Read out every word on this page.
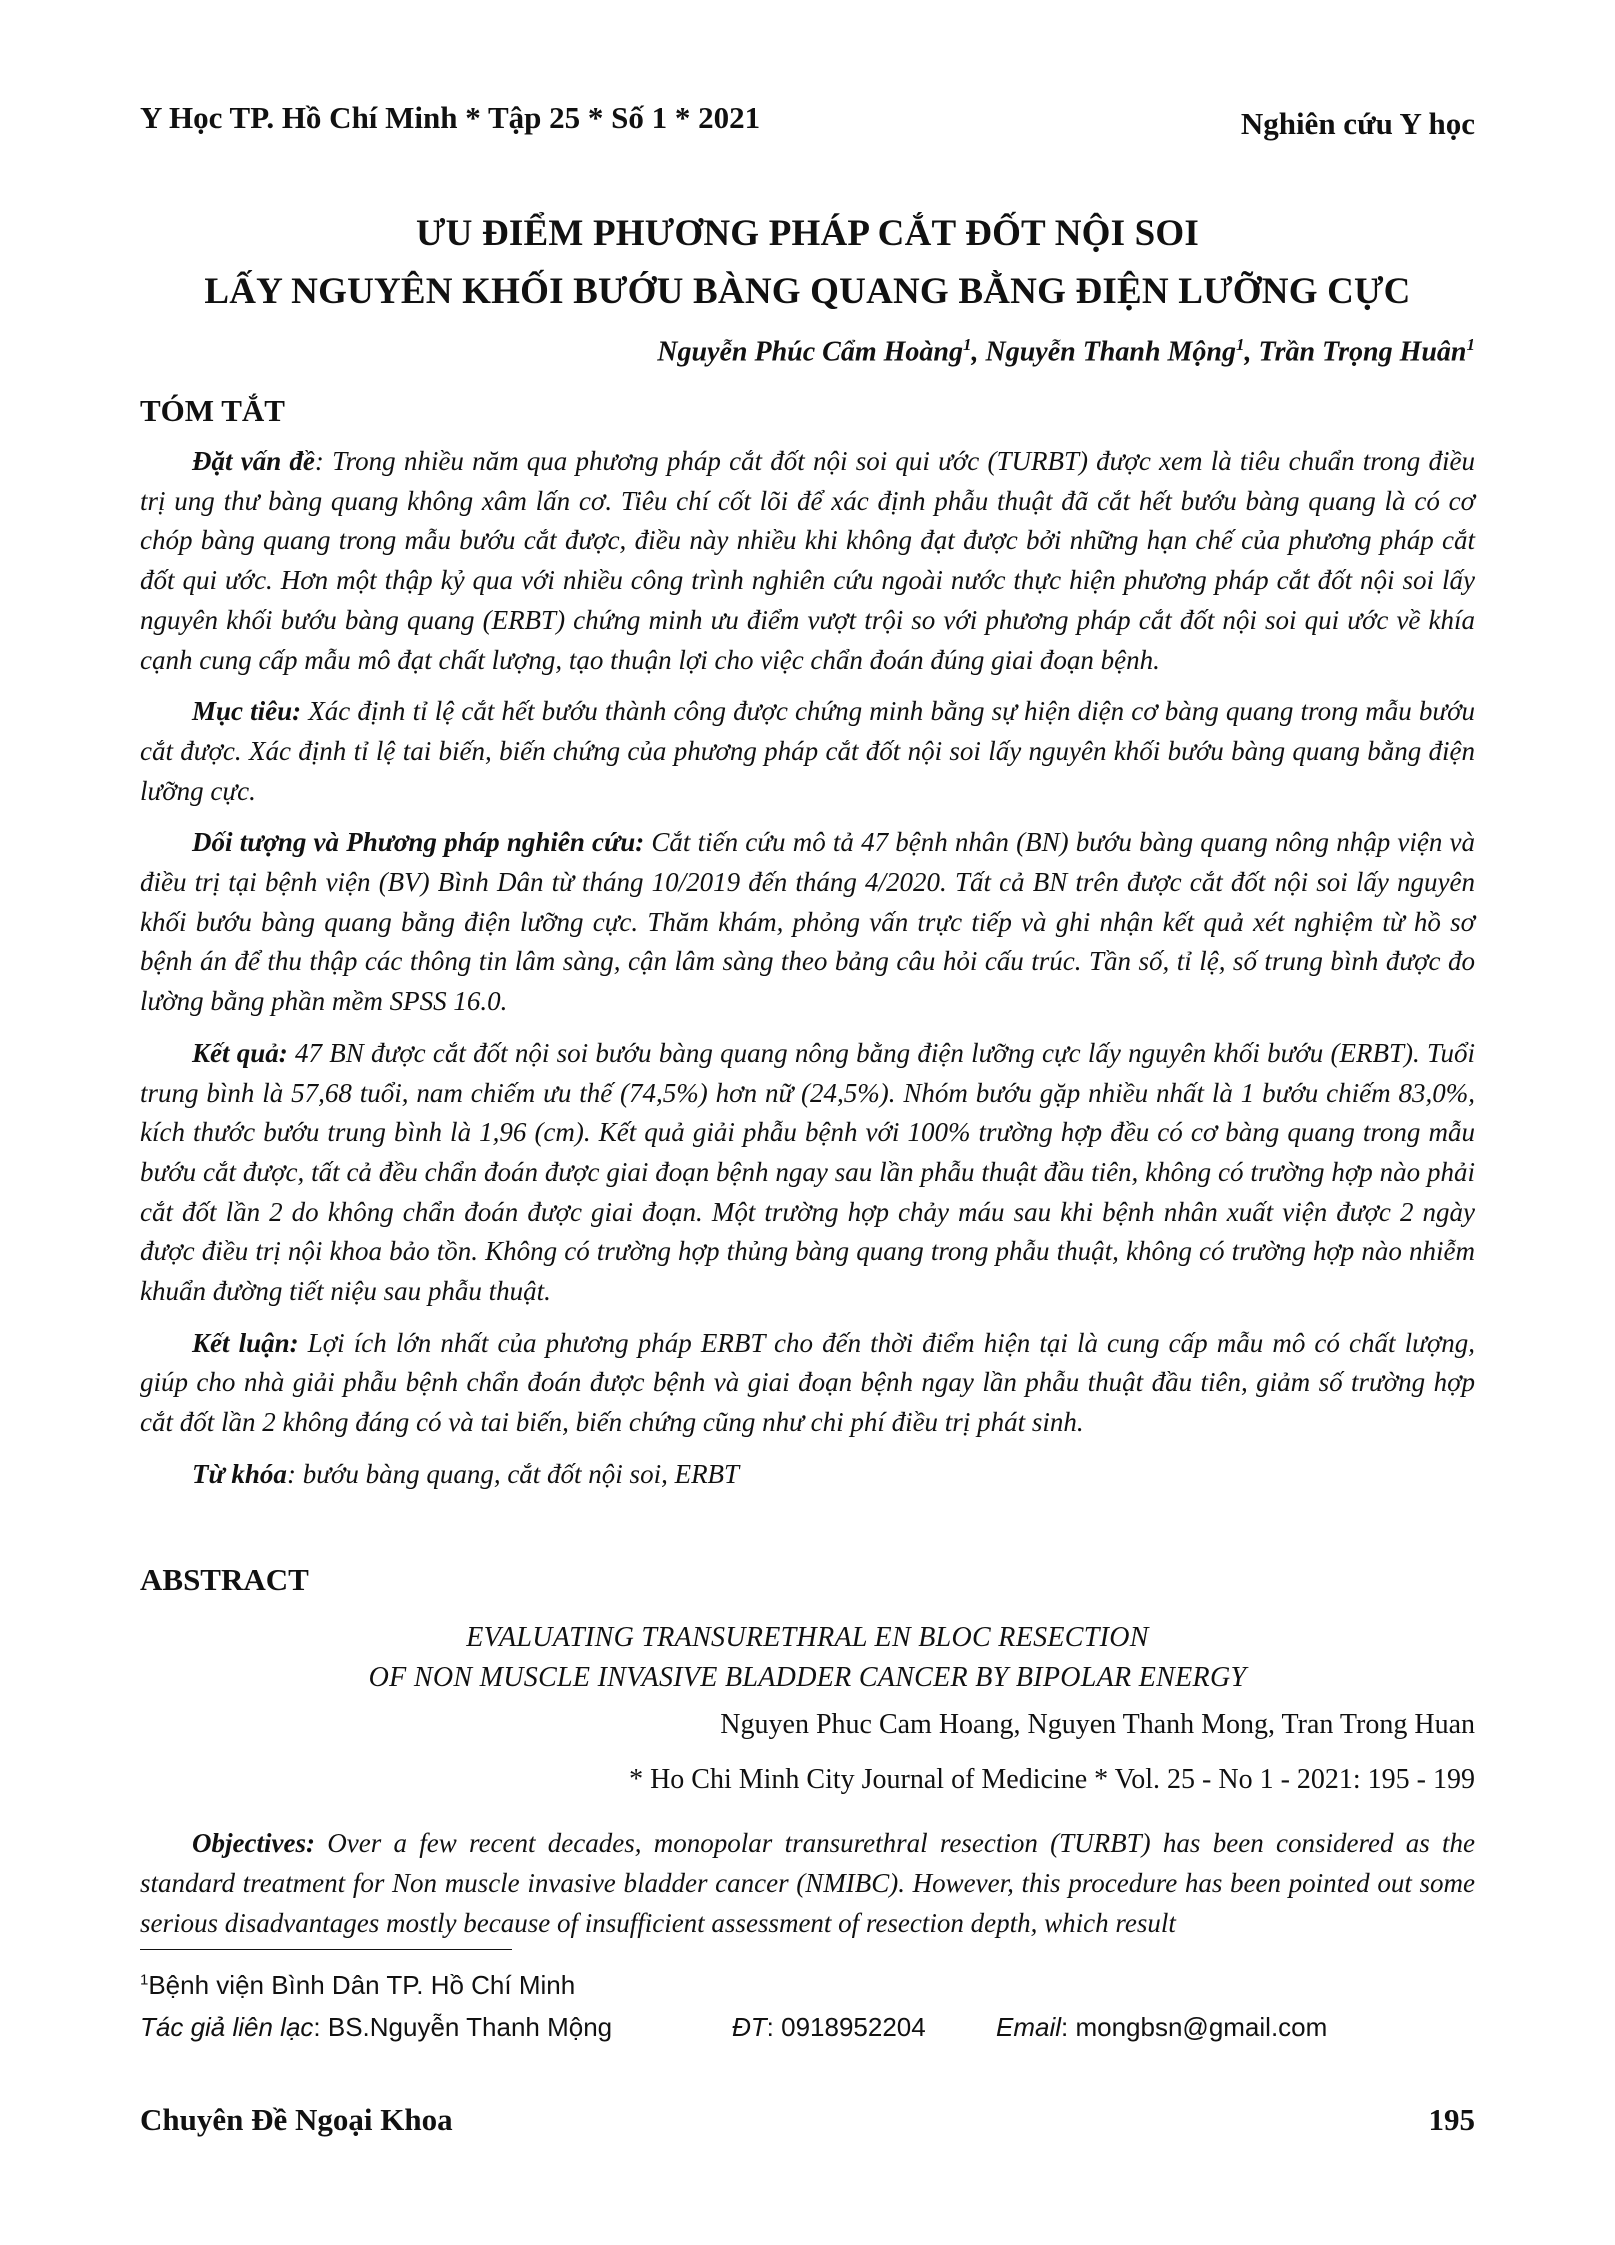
Y Học TP. Hồ Chí Minh * Tập 25 * Số 1 * 2021	Nghiên cứu Y học
ƯU ĐIỂM PHƯƠNG PHÁP CẮT ĐỐT NỘI SOI
LẤY NGUYÊN KHỐI BƯỚU BÀNG QUANG BẰNG ĐIỆN LƯỠNG CỰC
Nguyễn Phúc Cẩm Hoàng$^1$, Nguyễn Thanh Mộng$^1$, Trần Trọng Huân$^1$
TÓM TẮT

Đặt vấn đề: Trong nhiều năm qua phương pháp cắt đốt nội soi qui ước (TURBT) được xem là tiêu chuẩn trong điều trị ung thư bàng quang không xâm lấn cơ. Tiêu chí cốt lõi để xác định phẫu thuật đã cắt hết bướu bàng quang là có cơ chóp bàng quang trong mẫu bướu cắt được, điều này nhiều khi không đạt được bởi những hạn chế của phương pháp cắt đốt qui ước. Hơn một thập kỷ qua với nhiều công trình nghiên cứu ngoài nước thực hiện phương pháp cắt đốt nội soi lấy nguyên khối bướu bàng quang (ERBT) chứng minh ưu điểm vượt trội so với phương pháp cắt đốt nội soi qui ước về khía cạnh cung cấp mẫu mô đạt chất lượng, tạo thuận lợi cho việc chẩn đoán đúng giai đoạn bệnh.

Mục tiêu: Xác định tỉ lệ cắt hết bướu thành công được chứng minh bằng sự hiện diện cơ bàng quang trong mẫu bướu cắt được. Xác định tỉ lệ tai biến, biến chứng của phương pháp cắt đốt nội soi lấy nguyên khối bướu bàng quang bằng điện lưỡng cực.

Dối tượng và Phương pháp nghiên cứu: Cắt tiến cứu mô tả 47 bệnh nhân (BN) bướu bàng quang nông nhập viện và điều trị tại bệnh viện (BV) Bình Dân từ tháng 10/2019 đến tháng 4/2020. Tất cả BN trên được cắt đốt nội soi lấy nguyên khối bướu bàng quang bằng điện lưỡng cực. Thăm khám, phỏng vấn trực tiếp và ghi nhận kết quả xét nghiệm từ hồ sơ bệnh án để thu thập các thông tin lâm sàng, cận lâm sàng theo bảng câu hỏi cấu trúc. Tần số, tỉ lệ, số trung bình được đo lường bằng phần mềm SPSS 16.0.

Kết quả: 47 BN được cắt đốt nội soi bướu bàng quang nông bằng điện lưỡng cực lấy nguyên khối bướu (ERBT). Tuổi trung bình là 57,68 tuổi, nam chiếm ưu thế (74,5%) hơn nữ (24,5%). Nhóm bướu gặp nhiều nhất là 1 bướu chiếm 83,0%, kích thước bướu trung bình là 1,96 (cm). Kết quả giải phẫu bệnh với 100% trường hợp đều có cơ bàng quang trong mẫu bướu cắt được, tất cả đều chẩn đoán được giai đoạn bệnh ngay sau lần phẫu thuật đầu tiên, không có trường hợp nào phải cắt đốt lần 2 do không chẩn đoán được giai đoạn. Một trường hợp chảy máu sau khi bệnh nhân xuất viện được 2 ngày được điều trị nội khoa bảo tồn. Không có trường hợp thủng bàng quang trong phẫu thuật, không có trường hợp nào nhiễm khuẩn đường tiết niệu sau phẫu thuật.

Kết luận: Lợi ích lớn nhất của phương pháp ERBT cho đến thời điểm hiện tại là cung cấp mẫu mô có chất lượng, giúp cho nhà giải phẫu bệnh chẩn đoán được bệnh và giai đoạn bệnh ngay lần phẫu thuật đầu tiên, giảm số trường hợp cắt đốt lần 2 không đáng có và tai biến, biến chứng cũng như chi phí điều trị phát sinh.

Từ khóa: bướu bàng quang, cắt đốt nội soi, ERBT

ABSTRACT
EVALUATING TRANSURETHRAL EN BLOC RESECTION
OF NON MUSCLE INVASIVE BLADDER CANCER BY BIPOLAR ENERGY
Nguyen Phuc Cam Hoang, Nguyen Thanh Mong, Tran Trong Huan
* Ho Chi Minh City Journal of Medicine * Vol. 25 - No 1 - 2021: 195 - 199

Objectives: Over a few recent decades, monopolar transurethral resection (TURBT) has been considered as the standard treatment for Non muscle invasive bladder cancer (NMIBC). However, this procedure has been pointed out some serious disadvantages mostly because of insufficient assessment of resection depth, which result

$^1$Bệnh viện Bình Dân TP. Hồ Chí Minh
Tác giả liên lạc: BS.Nguyễn Thanh Mộng	ĐT: 0918952204	Email: mongbsn@gmail.com
Chuyên Đề Ngoại Khoa	195
